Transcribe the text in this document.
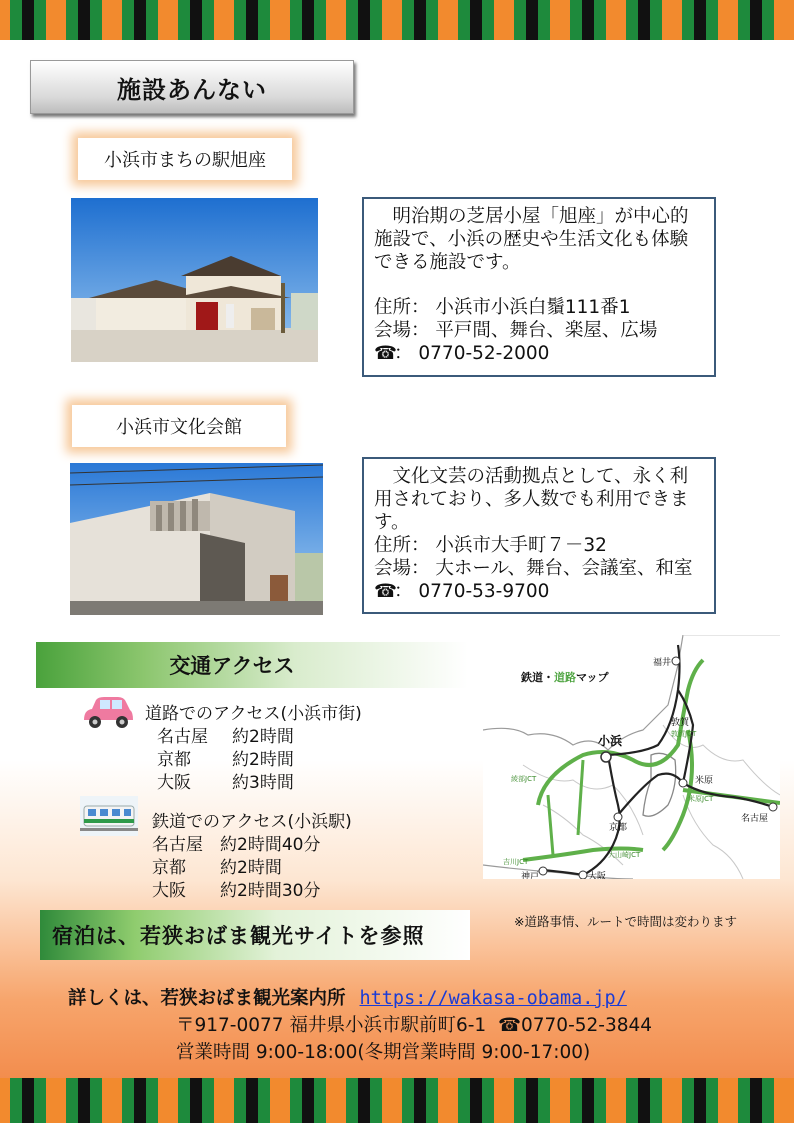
施設あんない
小浜市まちの駅旭座
明治期の芝居小屋「旭座」が中心的施設で、小浜の歴史や生活文化も体験できる施設です。
住所： 小浜市小浜白鬚111番1
会場： 平戸間、舞台、楽屋、広場
☎： 0770-52-2000
小浜市文化会館
文化文芸の活動拠点として、永く利用されており、多人数でも利用できます。
住所： 小浜市大手町７－32
会場： 大ホール、舞台、会議室、和室
☎： 0770-53-9700
交通アクセス
道路でのアクセス(小浜市街)
名古屋	約2時間
京都	約2時間
大阪	約3時間
鉄道でのアクセス(小浜駅)
名古屋	約2時間40分
京都	約2時間
大阪	約2時間30分
鉄道・道路マップ
福井
敦賀
敦賀JCT
小浜
米原
米原JCT
名古屋
京都
綾部JCT
吉川JCT
大山崎JCT
神戸	大阪
※道路事情、ルートで時間は変わります
宿泊は、若狭おばま観光サイトを参照
詳しくは、若狭おばま観光案内所 https://wakasa-obama.jp/
〒917-0077 福井県小浜市駅前町6-1 ☎0770-52-3844
営業時間 9:00-18:00(冬期営業時間 9:00-17:00)
